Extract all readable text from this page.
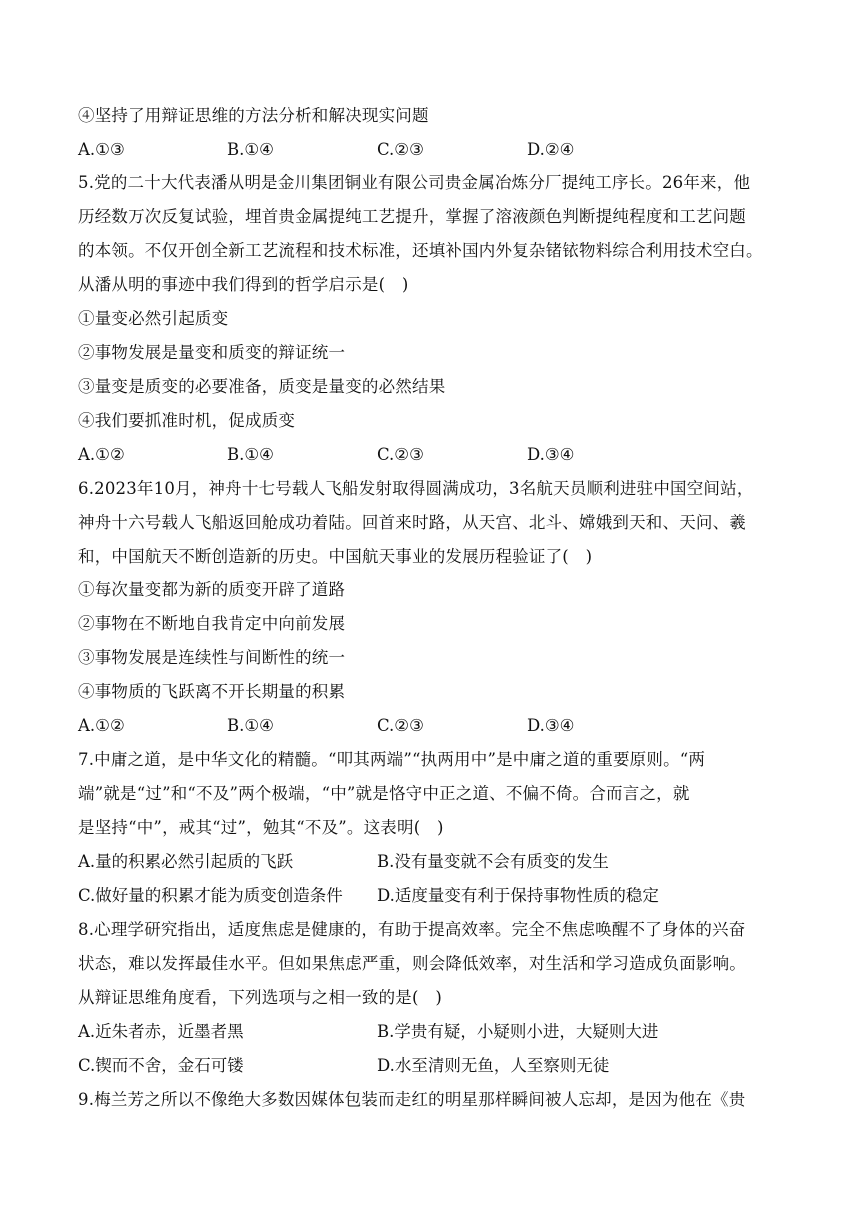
④坚持了用辩证思维的方法分析和解决现实问题
A.①③	B.①④	C.②③	D.②④
5.党的二十大代表潘从明是金川集团铜业有限公司贵金属冶炼分厂提纯工序长。26年来，他
历经数万次反复试验，埋首贵金属提纯工艺提升，掌握了溶液颜色判断提纯程度和工艺问题
的本领。不仅开创全新工艺流程和技术标准，还填补国内外复杂锗铱物料综合利用技术空白。
从潘从明的事迹中我们得到的哲学启示是(　)
①量变必然引起质变
②事物发展是量变和质变的辩证统一
③量变是质变的必要准备，质变是量变的必然结果
④我们要抓准时机，促成质变
A.①②	B.①④	C.②③	D.③④
6.2023年10月，神舟十七号载人飞船发射取得圆满成功，3名航天员顺利进驻中国空间站，
神舟十六号载人飞船返回舱成功着陆。回首来时路，从天宫、北斗、嫦娥到天和、天问、羲
和，中国航天不断创造新的历史。中国航天事业的发展历程验证了(　)
①每次量变都为新的质变开辟了道路
②事物在不断地自我肯定中向前发展
③事物发展是连续性与间断性的统一
④事物质的飞跃离不开长期量的积累
A.①②	B.①④	C.②③	D.③④
7.中庸之道，是中华文化的精髓。“叩其两端”“执两用中”是中庸之道的重要原则。“两
端”就是“过”和“不及”两个极端，“中”就是恪守中正之道、不偏不倚。合而言之，就
是坚持“中”，戒其“过”，勉其“不及”。这表明(　)
A.量的积累必然引起质的飞跃	B.没有量变就不会有质变的发生
C.做好量的积累才能为质变创造条件 D.适度量变有利于保持事物性质的稳定
8.心理学研究指出，适度焦虑是健康的，有助于提高效率。完全不焦虑唤醒不了身体的兴奋
状态，难以发挥最佳水平。但如果焦虑严重，则会降低效率，对生活和学习造成负面影响。
从辩证思维角度看，下列选项与之相一致的是(　)
A.近朱者赤，近墨者黑	B.学贵有疑，小疑则小进，大疑则大进
C.锲而不舍，金石可镂	D.水至清则无鱼，人至察则无徒
9.梅兰芳之所以不像绝大多数因媒体包装而走红的明星那样瞬间被人忘却，是因为他在《贵
